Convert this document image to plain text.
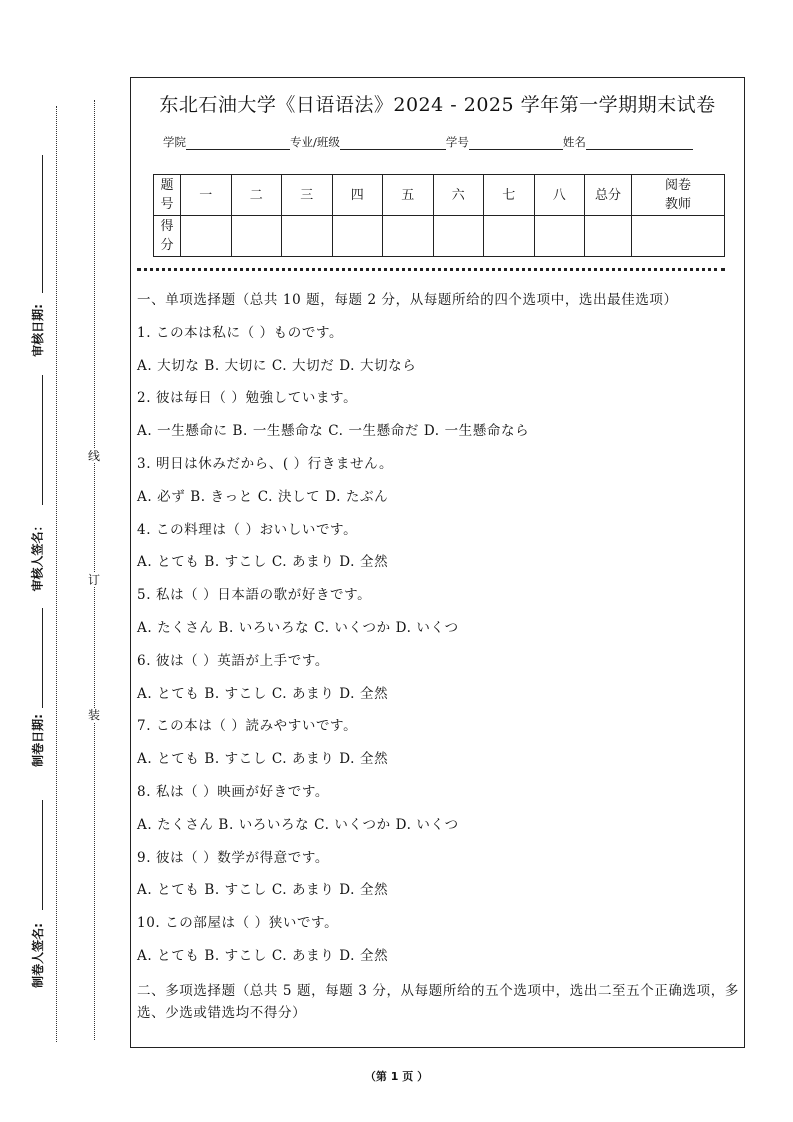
审核日期:
审核人签名：
制卷日期:
制卷人签名:
线
订
装
东北石油大学《日语语法》2024 - 2025 学年第一学期期末试卷
学院	专业/班级	学号	姓名
题
号	一	二	三	四	五	六	七	八	总分	阅卷
教师
得
分										
一、单项选择题（总共 10 题，每题 2 分，从每题所给的四个选项中，选出最佳选项）
1. この本は私に（ ）ものです。
A. 大切な B. 大切に C. 大切だ D. 大切なら
2. 彼は毎日（ ）勉強しています。
A. 一生懸命に B. 一生懸命な C. 一生懸命だ D. 一生懸命なら
3. 明日は休みだから、( ）行きません。
A. 必ず B. きっと C. 決して D. たぶん
4. この料理は（ ）おいしいです。
A. とても B. すこし C. あまり D. 全然
5. 私は（ ）日本語の歌が好きです。
A. たくさん B. いろいろな C. いくつか D. いくつ
6. 彼は（ ）英語が上手です。
A. とても B. すこし C. あまり D. 全然
7. この本は（ ）読みやすいです。
A. とても B. すこし C. あまり D. 全然
8. 私は（ ）映画が好きです。
A. たくさん B. いろいろな C. いくつか D. いくつ
9. 彼は（ ）数学が得意です。
A. とても B. すこし C. あまり D. 全然
10. この部屋は（ ）狭いです。
A. とても B. すこし C. あまり D. 全然
二、多项选择题（总共 5 题，每题 3 分，从每题所给的五个选项中，选出二至五个正确选项，多选、少选或错选均不得分）
（第 1 页 ）
